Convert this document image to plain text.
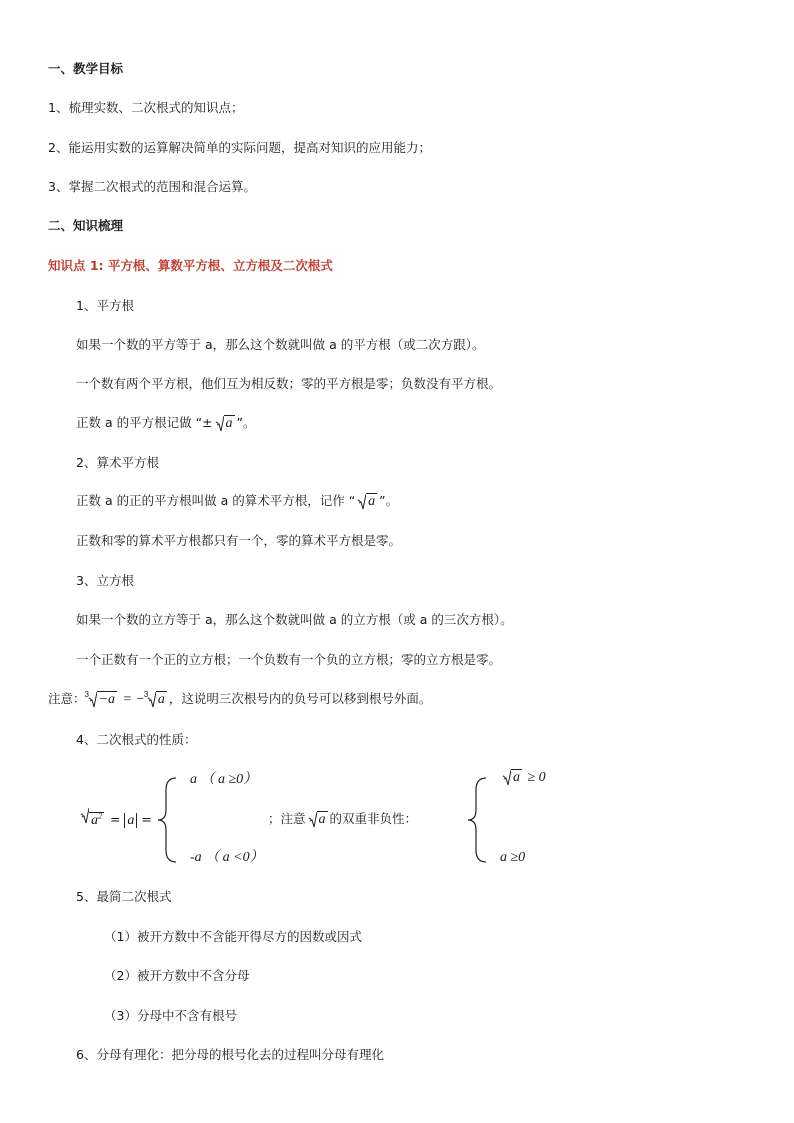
一、教学目标
1、梳理实数、二次根式的知识点；
2、能运用实数的运算解决简单的实际问题，提高对知识的应用能力；
3、掌握二次根式的范围和混合运算。
二、知识梳理
知识点 1: 平方根、算数平方根、立方根及二次根式
1、平方根
如果一个数的平方等于 a，那么这个数就叫做 a 的平方根（或二次方跟）。
一个数有两个平方根，他们互为相反数；零的平方根是零；负数没有平方根。
正数 a 的平方根记做 “± a ”。
2、算术平方根
正数 a 的正的平方根叫做 a 的算术平方根，记作 “ a ”。
正数和零的算术平方根都只有一个，零的算术平方根是零。
3、立方根
如果一个数的立方等于 a，那么这个数就叫做 a 的立方根（或 a 的三次方根）。
一个正数有一个正的立方根；一个负数有一个负的立方根；零的立方根是零。
注意： 3 −a = − 3 a ，这说明三次根号内的负号可以移到根号外面。
4、二次根式的性质：
$a^2 = a$ =
a （ a ≥0）
-a （ a <0）
；注意 a 的双重非负性：
a ≥ 0
a ≥0
5、最简二次根式
（1）被开方数中不含能开得尽方的因数或因式
（2）被开方数中不含分母
（3）分母中不含有根号
6、分母有理化：把分母的根号化去的过程叫分母有理化
